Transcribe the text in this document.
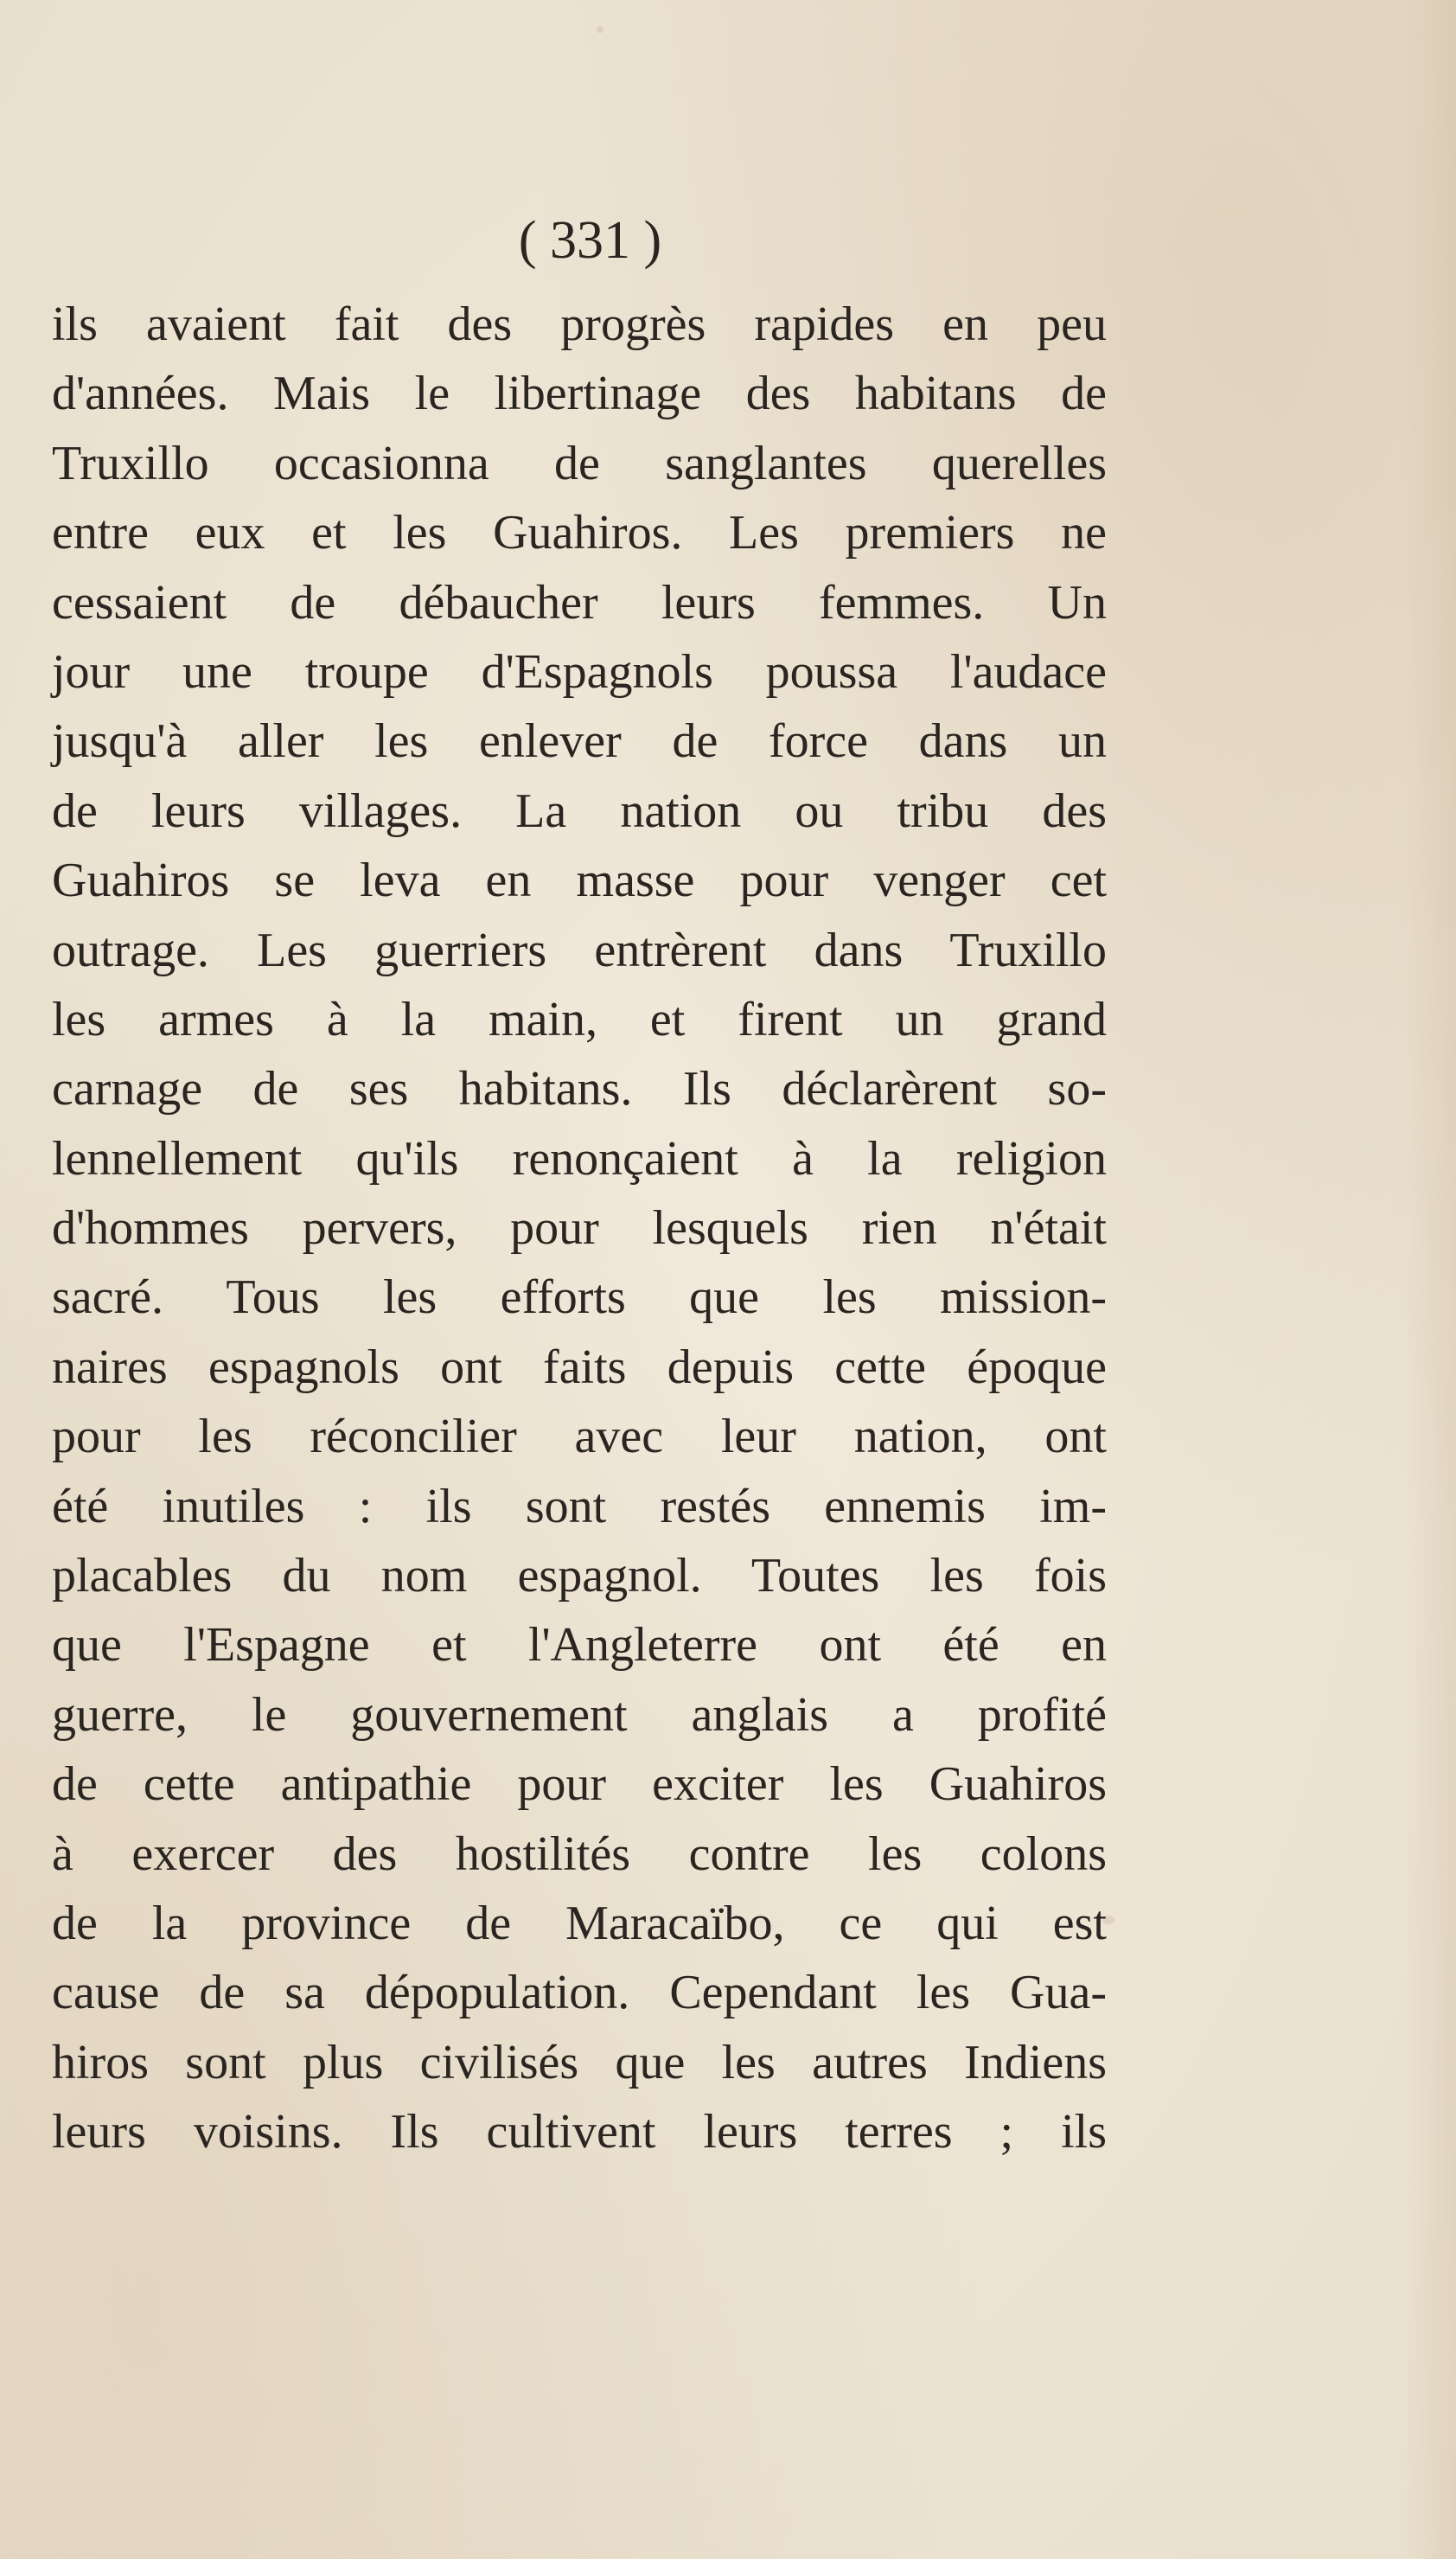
( 331 )
ils avaient fait des progrès rapides en peu
d'années. Mais le libertinage des habitans de
Truxillo occasionna de sanglantes querelles
entre eux et les Guahiros. Les premiers ne
cessaient de débaucher leurs femmes. Un
jour une troupe d'Espagnols poussa l'audace
jusqu'à aller les enlever de force dans un
de leurs villages. La nation ou tribu des
Guahiros se leva en masse pour venger cet
outrage. Les guerriers entrèrent dans Truxillo
les armes à la main, et firent un grand
carnage de ses habitans. Ils déclarèrent so-
lennellement qu'ils renonçaient à la religion
d'hommes pervers, pour lesquels rien n'était
sacré. Tous les efforts que les mission-
naires espagnols ont faits depuis cette époque
pour les réconcilier avec leur nation, ont
été inutiles : ils sont restés ennemis im-
placables du nom espagnol. Toutes les fois
que l'Espagne et l'Angleterre ont été en
guerre, le gouvernement anglais a profité
de cette antipathie pour exciter les Guahiros
à exercer des hostilités contre les colons
de la province de Maracaïbo, ce qui est
cause de sa dépopulation. Cependant les Gua-
hiros sont plus civilisés que les autres Indiens
leurs voisins. Ils cultivent leurs terres ; ils
